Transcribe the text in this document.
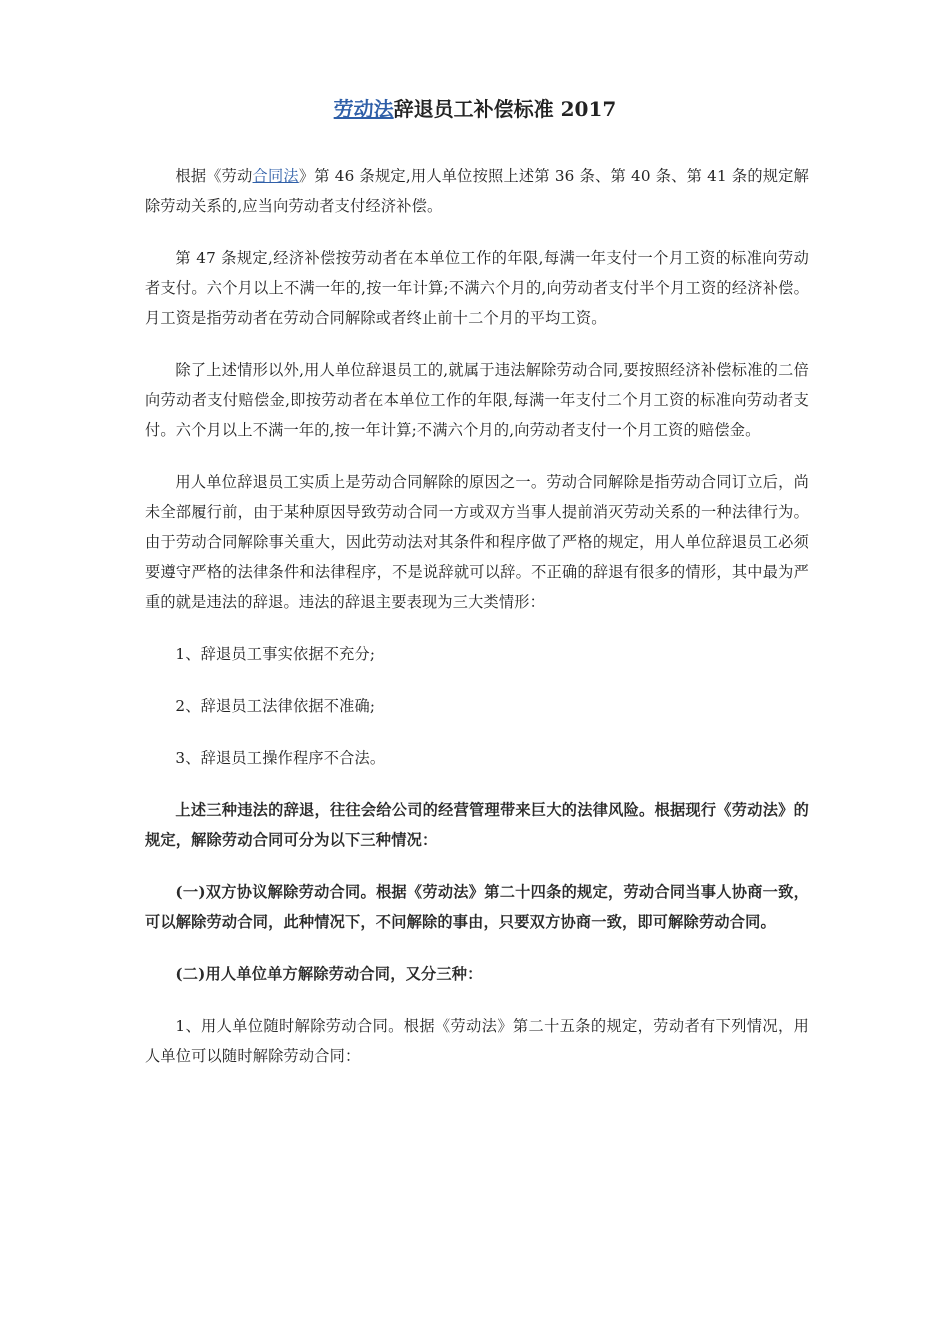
劳动法辞退员工补偿标准 2017

根据《劳动合同法》第 46 条规定,用人单位按照上述第 36 条、第 40 条、第 41 条的规定解除劳动关系的,应当向劳动者支付经济补偿。

第 47 条规定,经济补偿按劳动者在本单位工作的年限,每满一年支付一个月工资的标准向劳动者支付。六个月以上不满一年的,按一年计算;不满六个月的,向劳动者支付半个月工资的经济补偿。月工资是指劳动者在劳动合同解除或者终止前十二个月的平均工资。

除了上述情形以外,用人单位辞退员工的,就属于违法解除劳动合同,要按照经济补偿标准的二倍向劳动者支付赔偿金,即按劳动者在本单位工作的年限,每满一年支付二个月工资的标准向劳动者支付。六个月以上不满一年的,按一年计算;不满六个月的,向劳动者支付一个月工资的赔偿金。

用人单位辞退员工实质上是劳动合同解除的原因之一。劳动合同解除是指劳动合同订立后，尚未全部履行前，由于某种原因导致劳动合同一方或双方当事人提前消灭劳动关系的一种法律行为。由于劳动合同解除事关重大，因此劳动法对其条件和程序做了严格的规定，用人单位辞退员工必须要遵守严格的法律条件和法律程序，不是说辞就可以辞。不正确的辞退有很多的情形，其中最为严重的就是违法的辞退。违法的辞退主要表现为三大类情形：

1、辞退员工事实依据不充分;

2、辞退员工法律依据不准确;

3、辞退员工操作程序不合法。

上述三种违法的辞退，往往会给公司的经营管理带来巨大的法律风险。根据现行《劳动法》的规定，解除劳动合同可分为以下三种情况：

(一)双方协议解除劳动合同。根据《劳动法》第二十四条的规定，劳动合同当事人协商一致，可以解除劳动合同，此种情况下，不问解除的事由，只要双方协商一致，即可解除劳动合同。

(二)用人单位单方解除劳动合同，又分三种：

1、用人单位随时解除劳动合同。根据《劳动法》第二十五条的规定，劳动者有下列情况，用人单位可以随时解除劳动合同：
